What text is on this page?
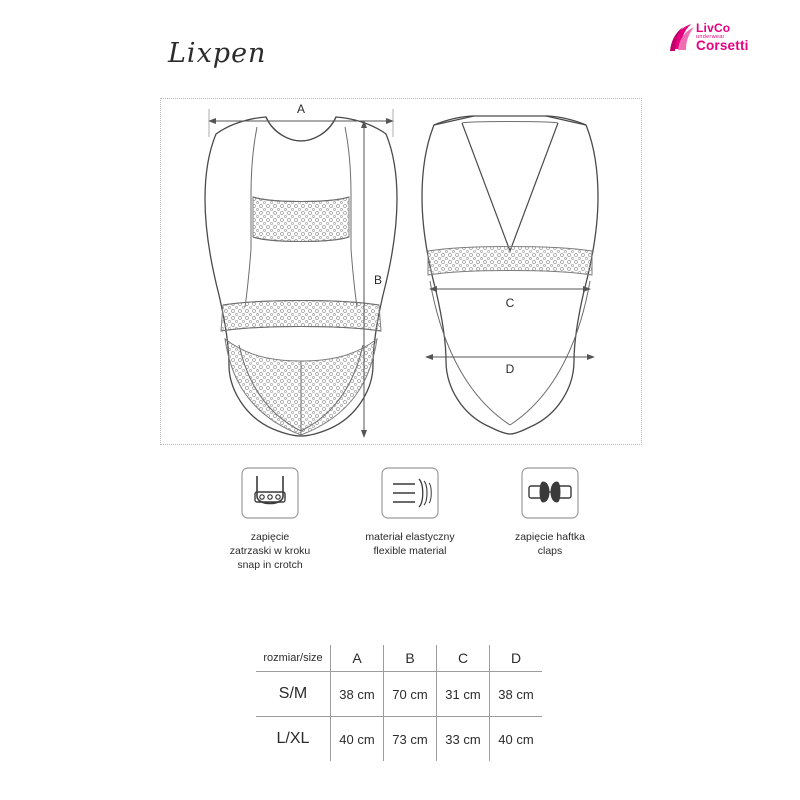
Lixpen
LivCo
underwear
Corsetti
A
B
C
D
zapięcie
zatrzaski w kroku
snap in crotch
materiał elastyczny
flexible material
zapięcie haftka
claps
rozmiar/size	A	B	C	D
S/M	38 cm	70 cm	31 cm	38 cm
L/XL	40 cm	73 cm	33 cm	40 cm
